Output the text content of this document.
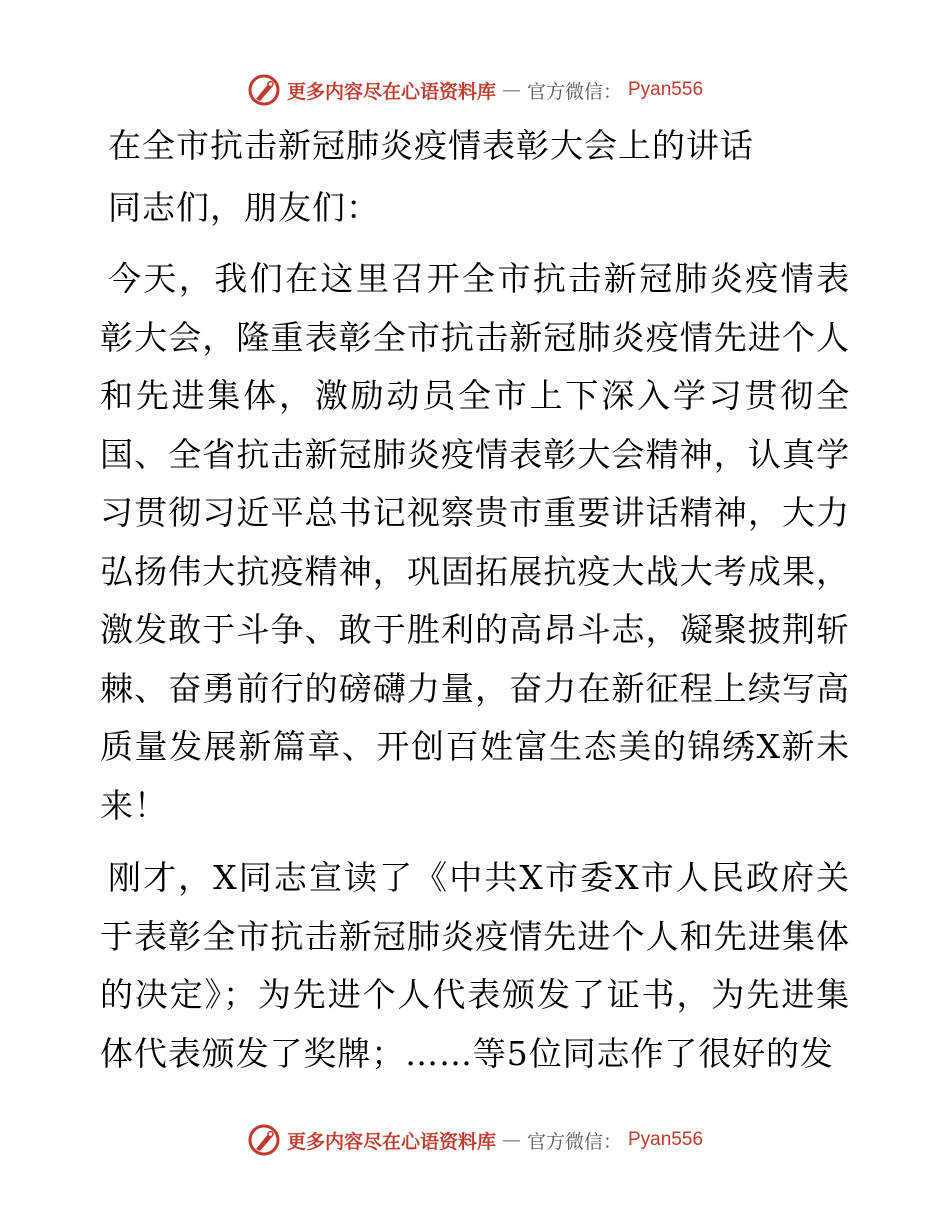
更多内容尽在心语资料库 — 官方微信： Pyan556
在全市抗击新冠肺炎疫情表彰大会上的讲话

同志们，朋友们：

今天，我们在这里召开全市抗击新冠肺炎疫情表彰大会，隆重表彰全市抗击新冠肺炎疫情先进个人和先进集体，激励动员全市上下深入学习贯彻全国、全省抗击新冠肺炎疫情表彰大会精神，认真学习贯彻习近平总书记视察贵市重要讲话精神，大力弘扬伟大抗疫精神，巩固拓展抗疫大战大考成果，激发敢于斗争、敢于胜利的高昂斗志，凝聚披荆斩棘、奋勇前行的磅礴力量，奋力在新征程上续写高质量发展新篇章、开创百姓富生态美的锦绣X新未来！

刚才，X同志宣读了《中共X市委X市人民政府关于表彰全市抗击新冠肺炎疫情先进个人和先进集体的决定》；为先进个人代表颁发了证书，为先进集体代表颁发了奖牌；……等5位同志作了很好的发

更多内容尽在心语资料库 — 官方微信： Pyan556
